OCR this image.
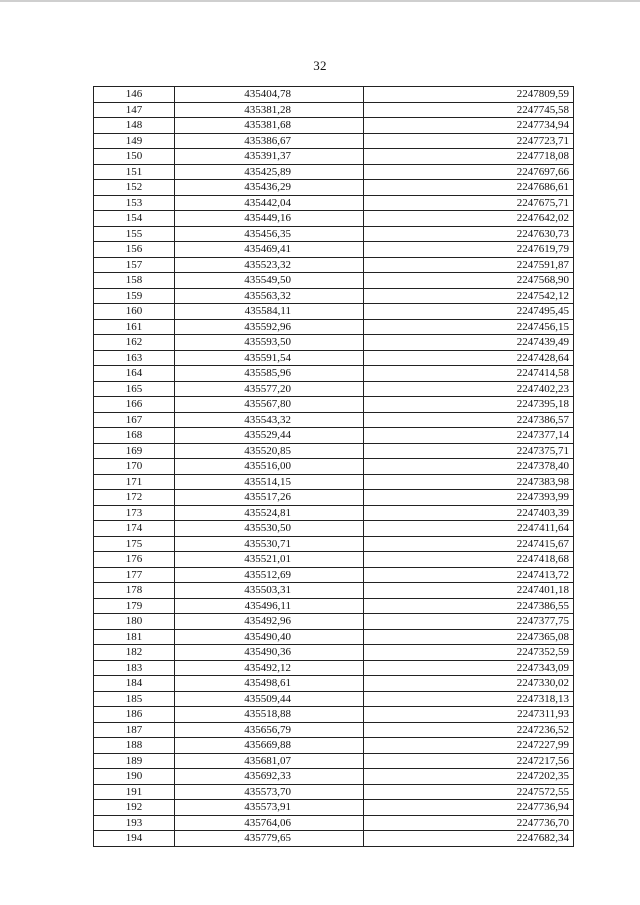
32
146	435404,78	2247809,59
147	435381,28	2247745,58
148	435381,68	2247734,94
149	435386,67	2247723,71
150	435391,37	2247718,08
151	435425,89	2247697,66
152	435436,29	2247686,61
153	435442,04	2247675,71
154	435449,16	2247642,02
155	435456,35	2247630,73
156	435469,41	2247619,79
157	435523,32	2247591,87
158	435549,50	2247568,90
159	435563,32	2247542,12
160	435584,11	2247495,45
161	435592,96	2247456,15
162	435593,50	2247439,49
163	435591,54	2247428,64
164	435585,96	2247414,58
165	435577,20	2247402,23
166	435567,80	2247395,18
167	435543,32	2247386,57
168	435529,44	2247377,14
169	435520,85	2247375,71
170	435516,00	2247378,40
171	435514,15	2247383,98
172	435517,26	2247393,99
173	435524,81	2247403,39
174	435530,50	2247411,64
175	435530,71	2247415,67
176	435521,01	2247418,68
177	435512,69	2247413,72
178	435503,31	2247401,18
179	435496,11	2247386,55
180	435492,96	2247377,75
181	435490,40	2247365,08
182	435490,36	2247352,59
183	435492,12	2247343,09
184	435498,61	2247330,02
185	435509,44	2247318,13
186	435518,88	2247311,93
187	435656,79	2247236,52
188	435669,88	2247227,99
189	435681,07	2247217,56
190	435692,33	2247202,35
191	435573,70	2247572,55
192	435573,91	2247736,94
193	435764,06	2247736,70
194	435779,65	2247682,34
